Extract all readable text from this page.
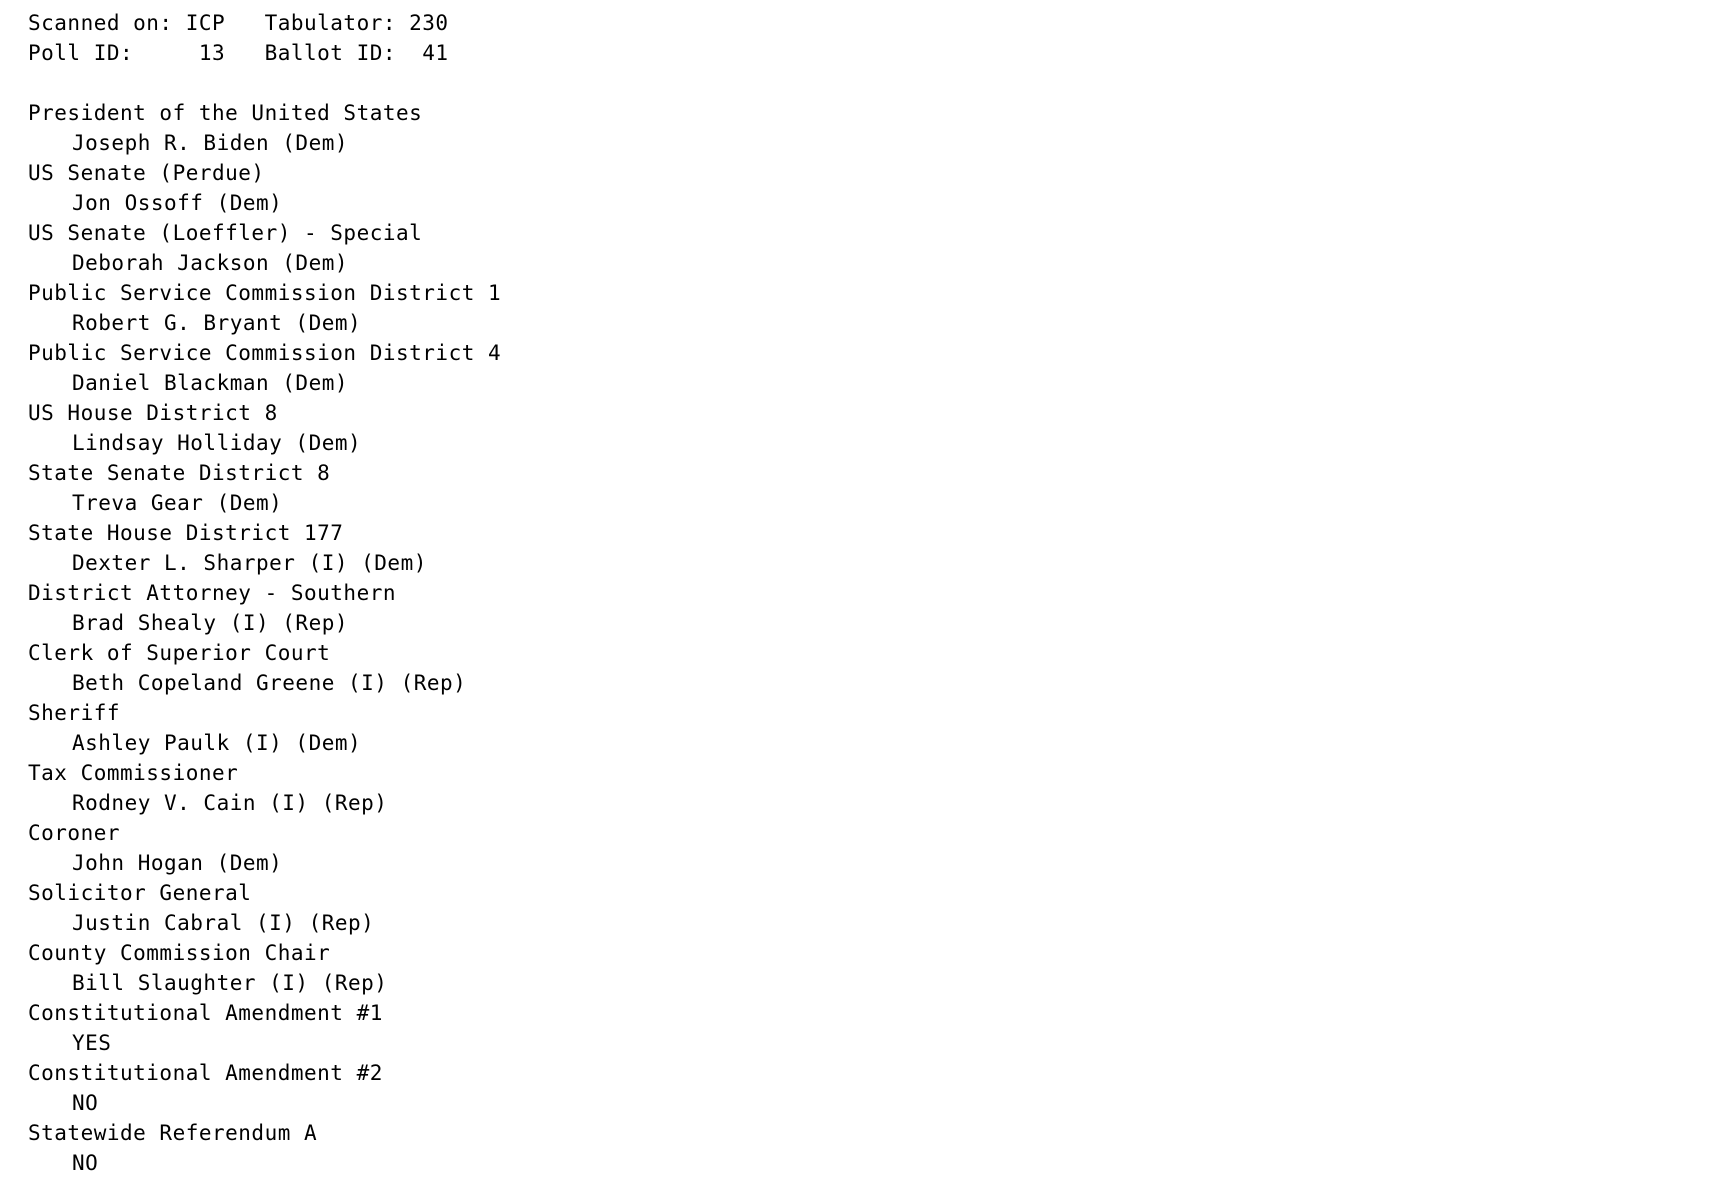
Scanned on: ICP   Tabulator: 230
Poll ID:     13   Ballot ID:  41
President of the United States
Joseph R. Biden (Dem)
US Senate (Perdue)
Jon Ossoff (Dem)
US Senate (Loeffler) - Special
Deborah Jackson (Dem)
Public Service Commission District 1
Robert G. Bryant (Dem)
Public Service Commission District 4
Daniel Blackman (Dem)
US House District 8
Lindsay Holliday (Dem)
State Senate District 8
Treva Gear (Dem)
State House District 177
Dexter L. Sharper (I) (Dem)
District Attorney - Southern
Brad Shealy (I) (Rep)
Clerk of Superior Court
Beth Copeland Greene (I) (Rep)
Sheriff
Ashley Paulk (I) (Dem)
Tax Commissioner
Rodney V. Cain (I) (Rep)
Coroner
John Hogan (Dem)
Solicitor General
Justin Cabral (I) (Rep)
County Commission Chair
Bill Slaughter (I) (Rep)
Constitutional Amendment #1
YES
Constitutional Amendment #2
NO
Statewide Referendum A
NO
